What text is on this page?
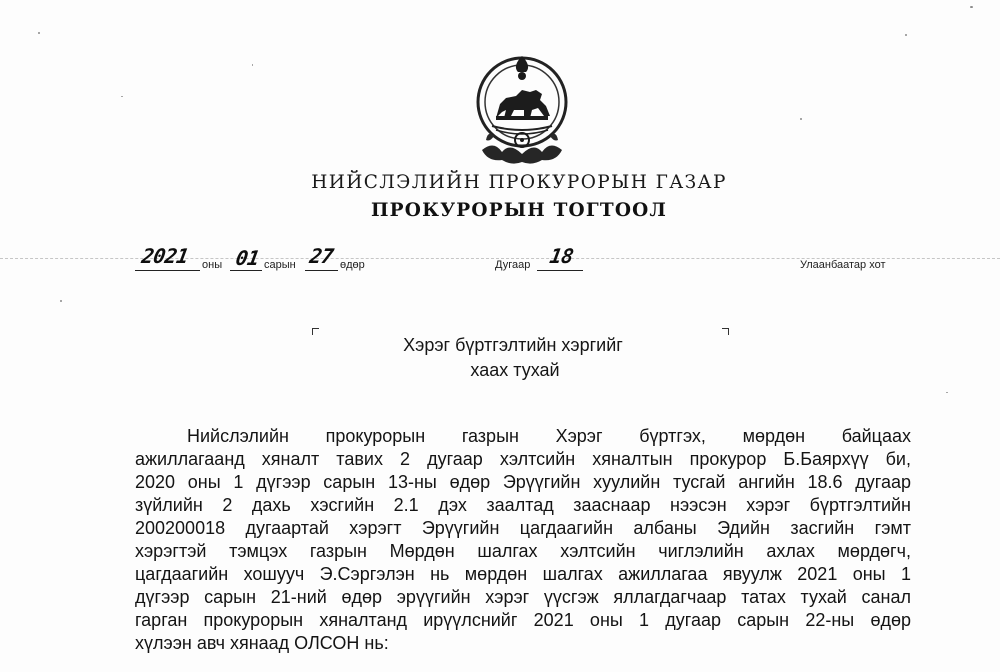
НИЙСЛЭЛИЙН ПРОКУРОРЫН ГАЗАР
ПРОКУРОРЫН ТОГТООЛ
2021 оны 01 сарын 27 өдөр	Дугаар 18	Улаанбаатар хот
Хэрэг бүртгэлтийн хэргийг
хаах тухай
Нийслэлийн прокурорын газрын Хэрэг бүртгэх, мөрдөн байцаах
ажиллагаанд хяналт тавих 2 дугаар хэлтсийн хяналтын прокурор Б.Баярхүү би,
2020 оны 1 дүгээр сарын 13-ны өдөр Эрүүгийн хуулийн тусгай ангийн 18.6 дугаар
зүйлийн 2 дахь хэсгийн 2.1 дэх заалтад зааснаар нээсэн хэрэг бүртгэлтийн
200200018 дугаартай хэрэгт Эрүүгийн цагдаагийн албаны Эдийн засгийн гэмт
хэрэгтэй тэмцэх газрын Мөрдөн шалгах хэлтсийн чиглэлийн ахлах мөрдөгч,
цагдаагийн хошууч Э.Сэргэлэн нь мөрдөн шалгах ажиллагаа явуулж 2021 оны 1
дүгээр сарын 21-ний өдөр эрүүгийн хэрэг үүсгэж яллагдагчаар татах тухай санал
гарган прокурорын хяналтанд ирүүлснийг 2021 оны 1 дугаар сарын 22-ны өдөр
хүлээн авч хянаад ОЛСОН нь:
